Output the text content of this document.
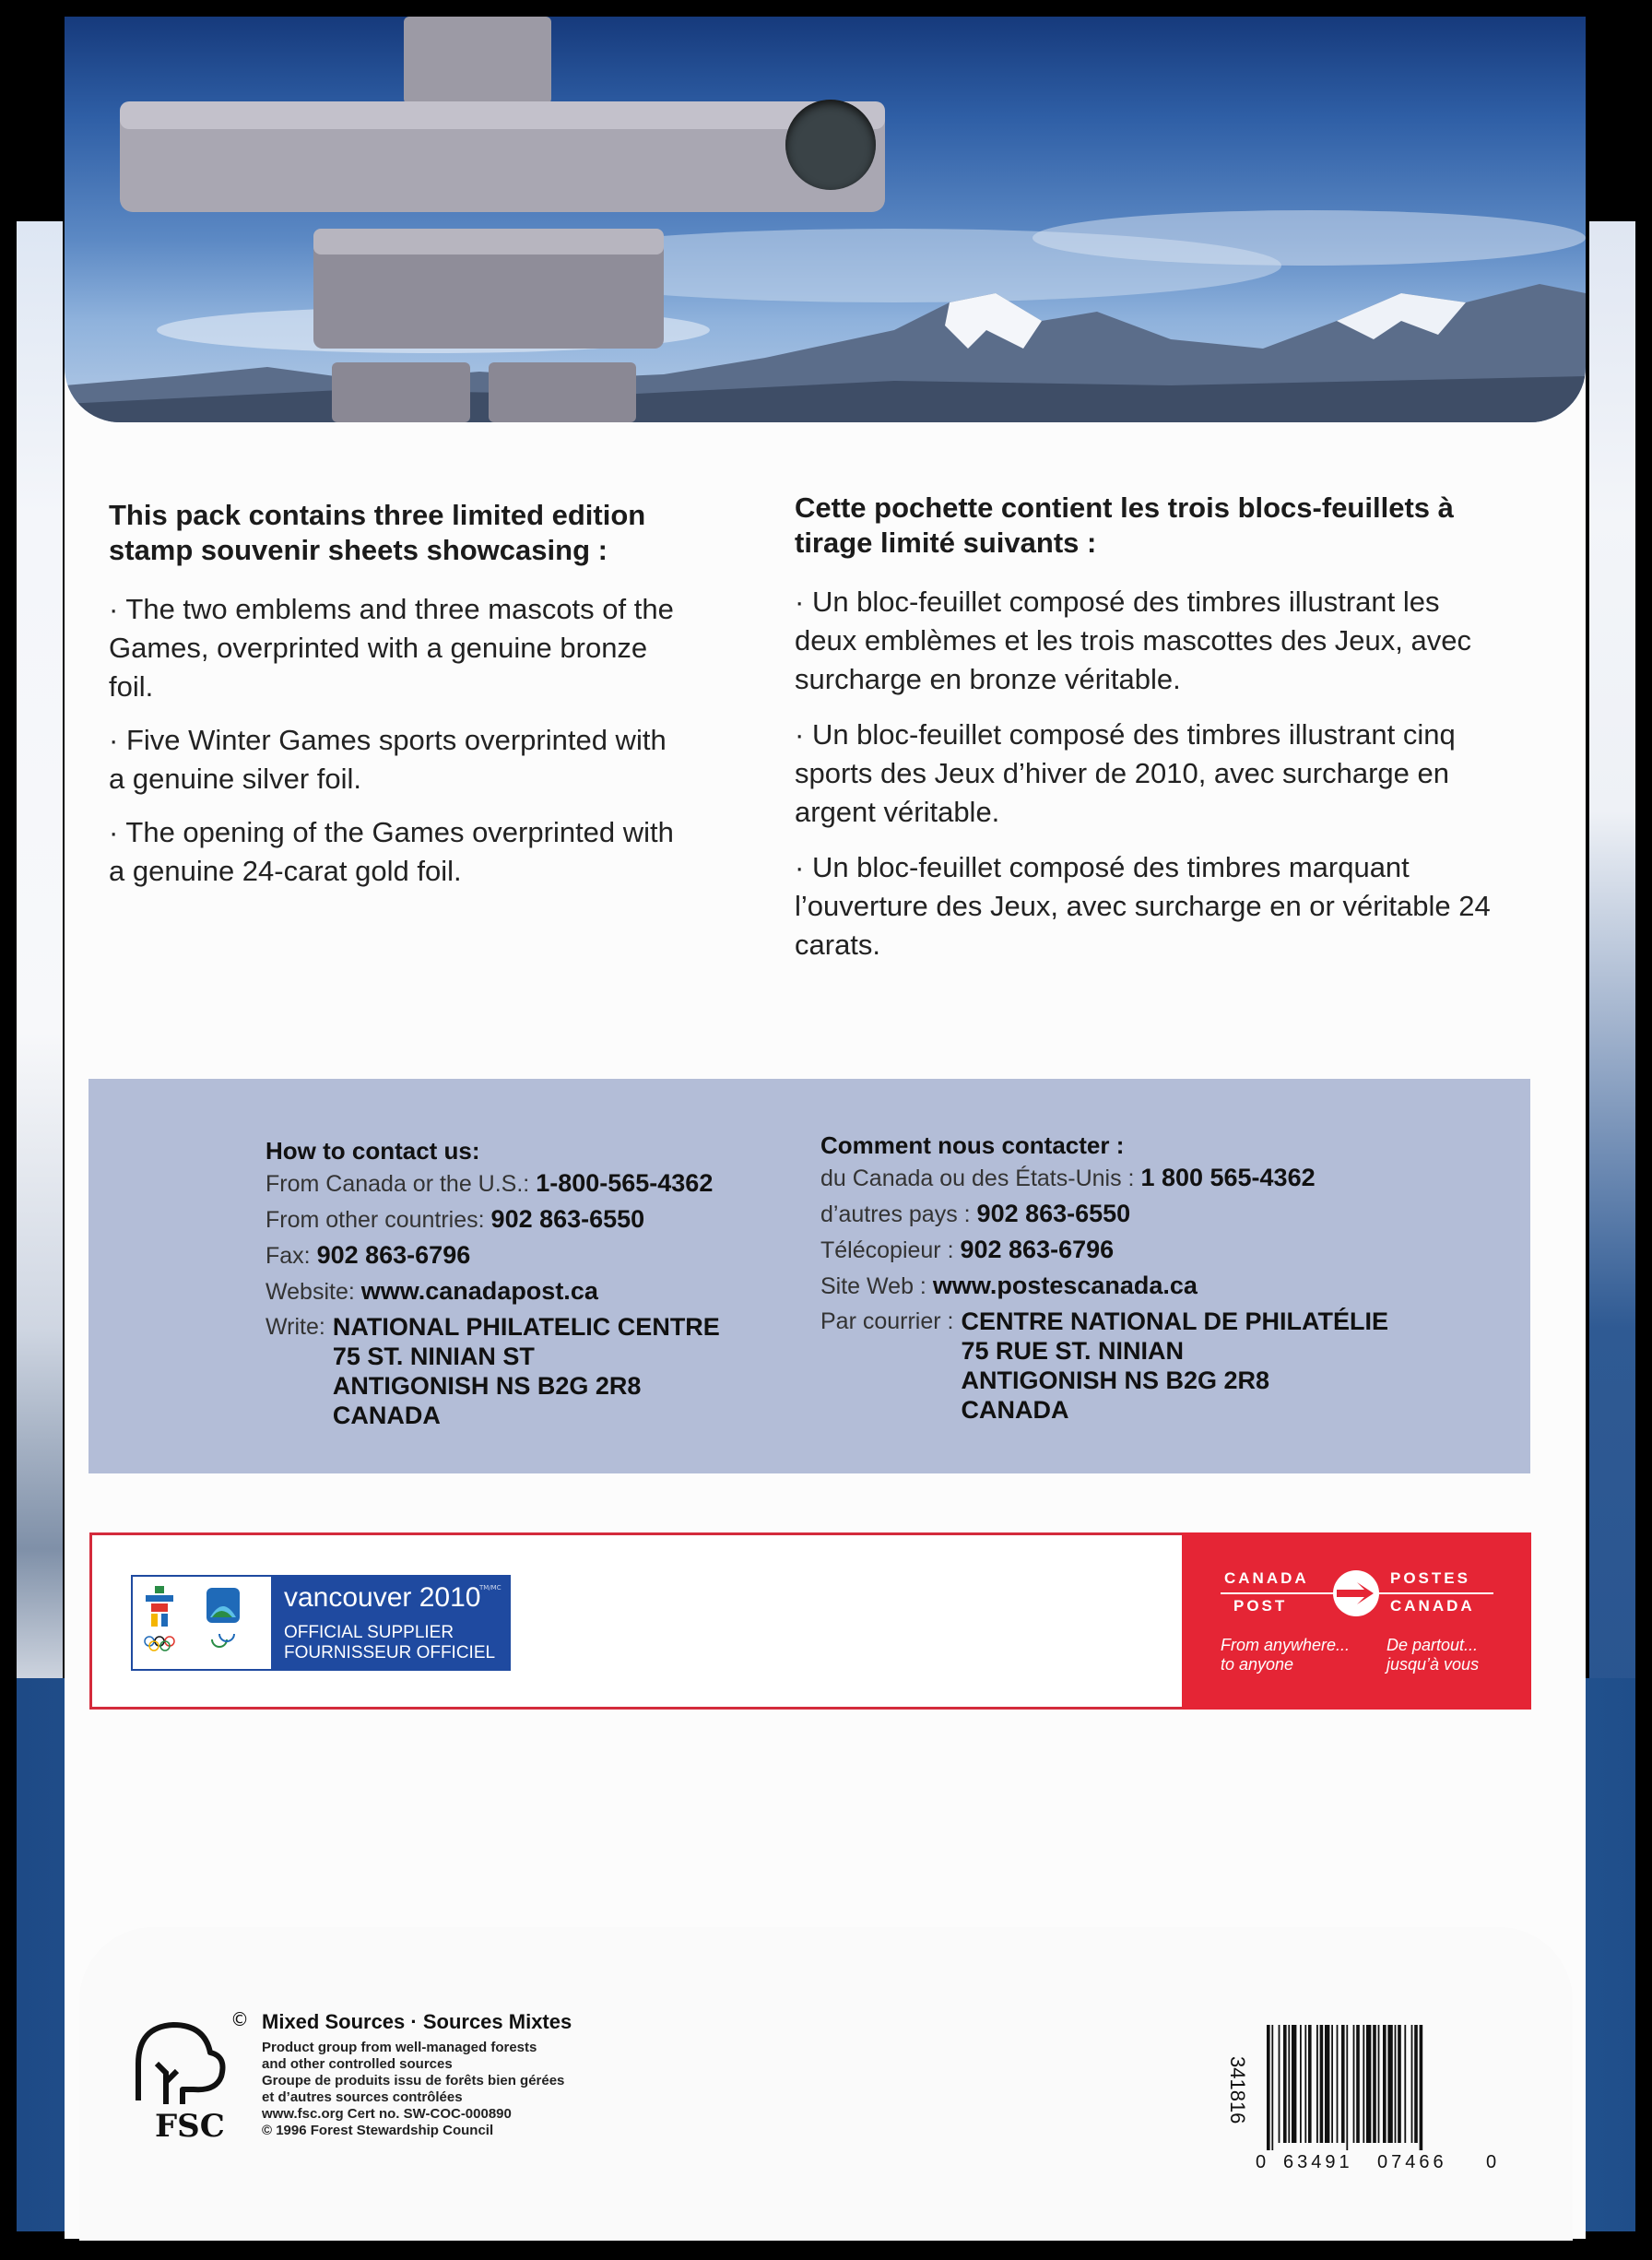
This pack contains three limited edition stamp souvenir sheets showcasing :
· The two emblems and three mascots of the Games, overprinted with a genuine bronze foil.
· Five Winter Games sports overprinted with a genuine silver foil.
· The opening of the Games overprinted with a genuine 24-carat gold foil.
Cette pochette contient les trois blocs-feuillets à tirage limité suivants :
· Un bloc-feuillet composé des timbres illustrant les deux emblèmes et les trois mascottes des Jeux, avec surcharge en bronze véritable.
· Un bloc-feuillet composé des timbres illustrant cinq sports des Jeux d’hiver de 2010, avec surcharge en argent véritable.
· Un bloc-feuillet composé des timbres marquant l’ouverture des Jeux, avec surcharge en or véritable 24 carats.
How to contact us:
From Canada or the U.S.: 1-800-565-4362
From other countries: 902 863-6550
Fax: 902 863-6796
Website: www.canadapost.ca
Write: NATIONAL PHILATELIC CENTRE
75 ST. NINIAN ST
ANTIGONISH NS B2G 2R8
CANADA
Comment nous contacter :
du Canada ou des États-Unis : 1 800 565-4362
d’autres pays : 902 863-6550
Télécopieur : 902 863-6796
Site Web : www.postescanada.ca
Par courrier : CENTRE NATIONAL DE PHILATÉLIE
75 RUE ST. NINIAN
ANTIGONISH NS B2G 2R8
CANADA
vancouver 2010
TM/MC
OFFICIAL SUPPLIER
FOURNISSEUR OFFICIEL
CANADA
POST
POSTES
CANADA
From anywhere...
to anyone
De partout...
jusqu’à vous
FSC
© Mixed Sources · Sources Mixtes
Product group from well-managed forests
and other controlled sources
Groupe de produits issu de forêts bien gérées
et d’autres sources contrôlées
www.fsc.org Cert no. SW-COC-000890
© 1996 Forest Stewardship Council
341816
0 63491 07466 0
